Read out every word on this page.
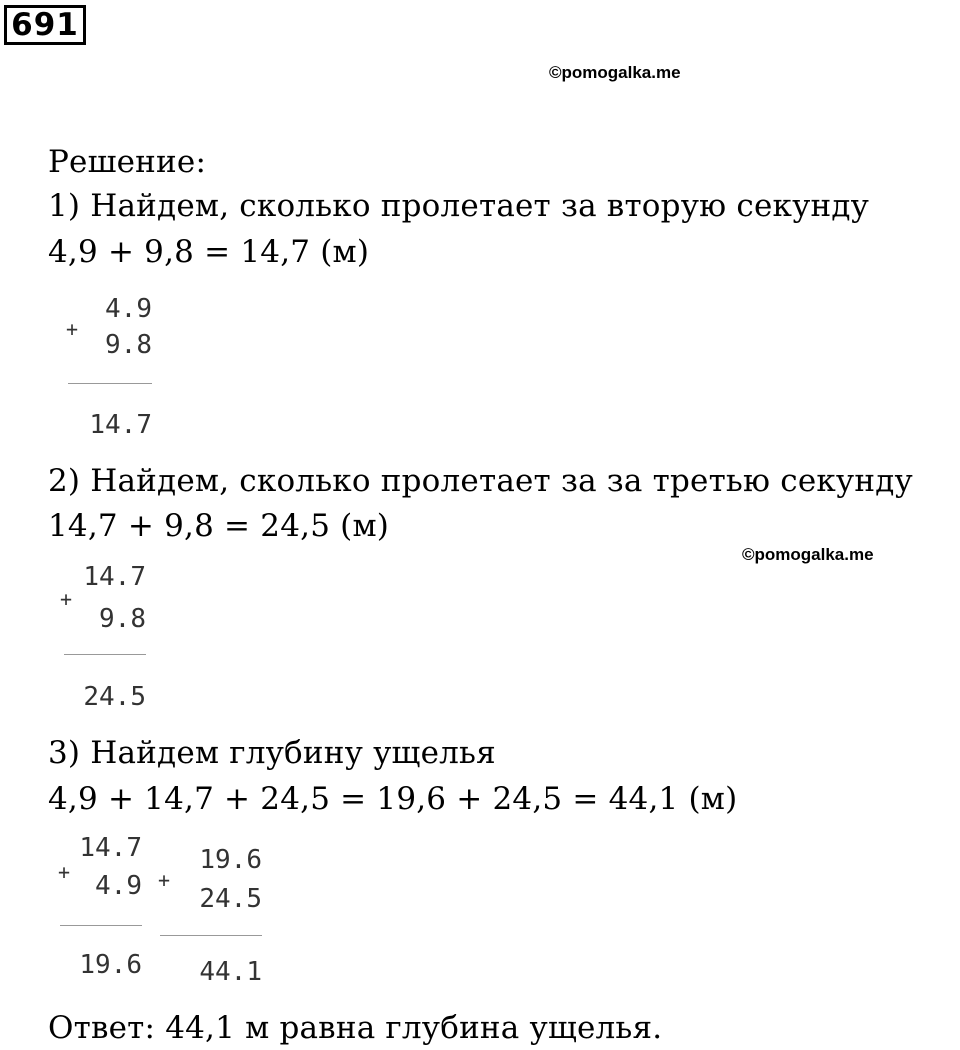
691
©pomogalka.me
Решение:
1) Найдем, сколько пролетает за вторую секунду
4,9 + 9,8 = 14,7 (м)
4.9
+
9.8
14.7
2) Найдем, сколько пролетает за за третью секунду
14,7 + 9,8 = 24,5 (м)
©pomogalka.me
14.7
+
9.8
24.5
3) Найдем глубину ущелья
4,9 + 14,7 + 24,5 = 19,6 + 24,5 = 44,1 (м)
14.7
+ 4.9
19.6
19.6
+
24.5
44.1
Ответ: 44,1 м равна глубина ущелья.
